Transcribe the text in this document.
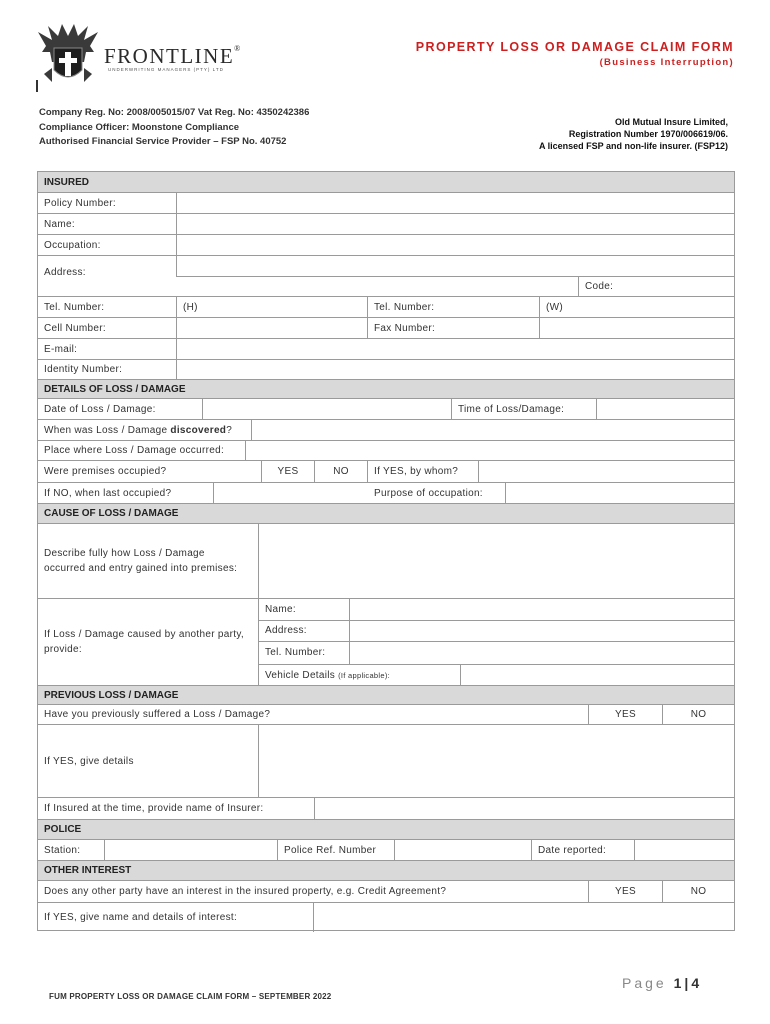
FRONTLINE®
UNDERWRITING MANAGERS (PTY) LTD
PROPERTY LOSS OR DAMAGE CLAIM FORM
(Business Interruption)
Company Reg. No: 2008/005015/07 Vat Reg. No: 4350242386
Compliance Officer: Moonstone Compliance
Authorised Financial Service Provider – FSP No. 40752
Old Mutual Insure Limited,
Registration Number 1970/006619/06.
A licensed FSP and non-life insurer. (FSP12)
INSURED
Policy Number:
Name:
Occupation:
Address:
Code:
Tel. Number:	(H)	Tel. Number:	(W)
Cell Number:	Fax Number:
E-mail:
Identity Number:
DETAILS OF LOSS / DAMAGE
Date of Loss / Damage:	Time of Loss/Damage:
When was Loss / Damage discovered ?
Place where Loss / Damage occurred:
Were premises occupied?	YES	NO	If YES, by whom?
If NO, when last occupied?	Purpose of occupation:
CAUSE OF LOSS / DAMAGE
Describe fully how Loss / Damage occurred and entry gained into premises:
If Loss / Damage caused by another party, provide:
Name:
Address:
Tel. Number:
Vehicle Details (If applicable):
PREVIOUS LOSS / DAMAGE
Have you previously suffered a Loss / Damage?	YES	NO
If YES, give details
If Insured at the time, provide name of Insurer:
POLICE
Station:	Police Ref. Number	Date reported:
OTHER INTEREST
Does any other party have an interest in the insured property, e.g. Credit Agreement?	YES	NO
If YES, give name and details of interest:
Page 1|4
FUM PROPERTY LOSS OR DAMAGE CLAIM FORM – SEPTEMBER 2022
